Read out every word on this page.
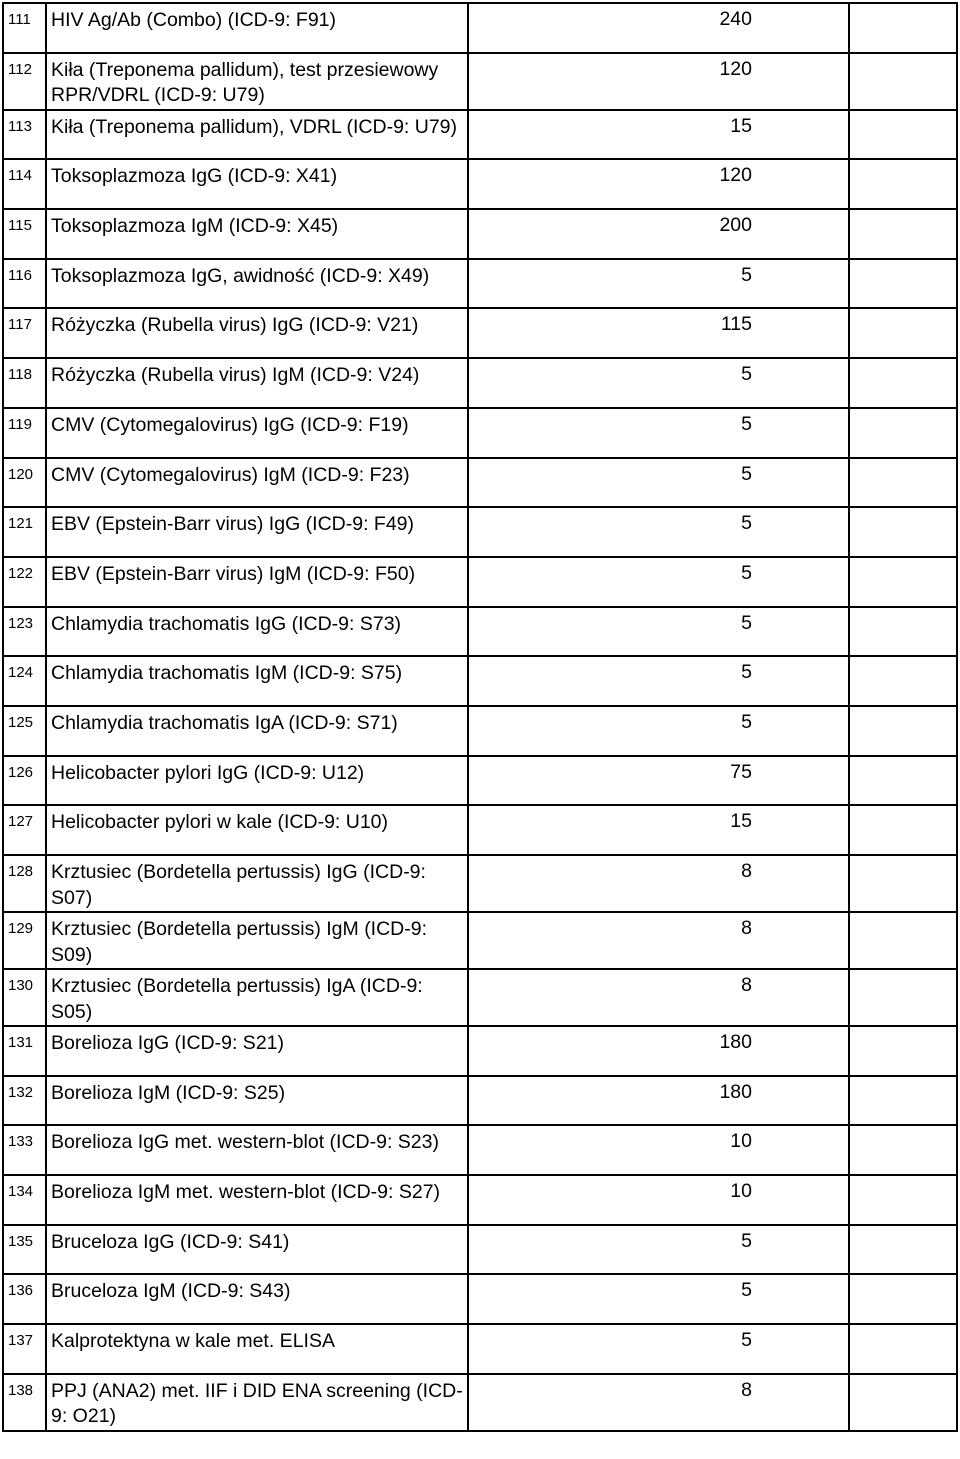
111	HIV Ag/Ab (Combo) (ICD-9: F91)	240	

112	Kiła (Treponema pallidum), test przesiewowy RPR/VDRL (ICD-9: U79)	120	

113	Kiła (Treponema pallidum), VDRL (ICD-9: U79)	15	

114	Toksoplazmoza IgG (ICD-9: X41)	120	

115	Toksoplazmoza IgM (ICD-9: X45)	200	

116	Toksoplazmoza IgG, awidność (ICD-9: X49)	5	

117	Różyczka (Rubella virus) IgG (ICD-9: V21)	115	

118	Różyczka (Rubella virus) IgM (ICD-9: V24)	5	

119	CMV (Cytomegalovirus) IgG (ICD-9: F19)	5	

120	CMV (Cytomegalovirus) IgM (ICD-9: F23)	5	

121	EBV (Epstein-Barr virus) IgG (ICD-9: F49)	5	

122	EBV (Epstein-Barr virus) IgM (ICD-9: F50)	5	

123	Chlamydia trachomatis IgG (ICD-9: S73)	5	

124	Chlamydia trachomatis IgM (ICD-9: S75)	5	

125	Chlamydia trachomatis IgA (ICD-9: S71)	5	

126	Helicobacter pylori IgG (ICD-9: U12)	75	

127	Helicobacter pylori w kale (ICD-9: U10)	15	

128	Krztusiec (Bordetella pertussis) IgG (ICD-9: S07)	8	

129	Krztusiec (Bordetella pertussis) IgM (ICD-9: S09)	8	

130	Krztusiec (Bordetella pertussis) IgA (ICD-9: S05)	8	

131	Borelioza IgG (ICD-9: S21)	180	

132	Borelioza IgM (ICD-9: S25)	180	

133	Borelioza IgG met. western-blot (ICD-9: S23)	10	

134	Borelioza IgM met. western-blot (ICD-9: S27)	10	

135	Bruceloza IgG (ICD-9: S41)	5	

136	Bruceloza IgM (ICD-9: S43)	5	

137	Kalprotektyna w kale met. ELISA	5	

138	PPJ (ANA2) met. IIF i DID ENA screening (ICD-9: O21)	8	
